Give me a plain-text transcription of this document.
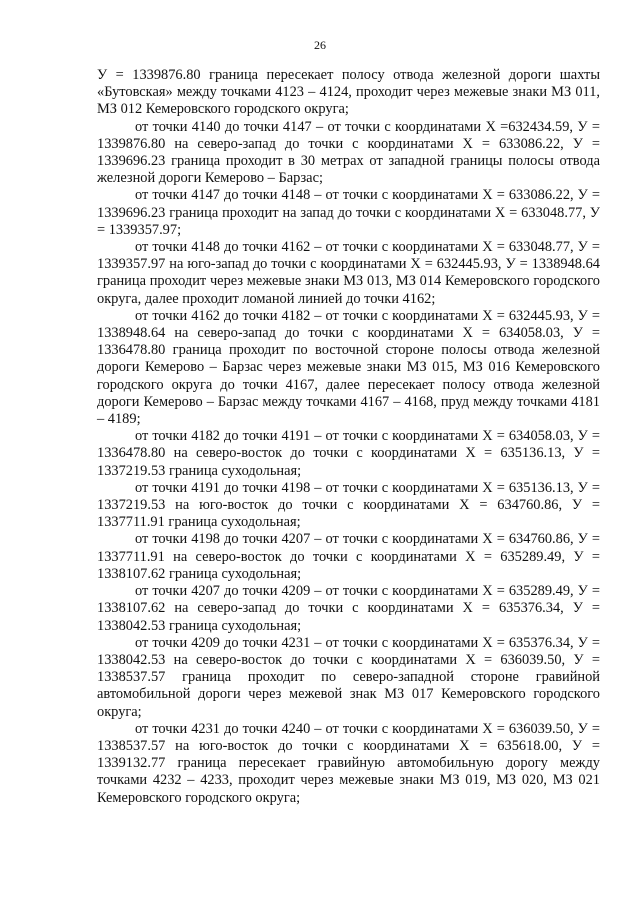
26

У = 1339876.80 граница пересекает полосу отвода железной дороги шахты «Бутовская» между точками 4123 – 4124, проходит через межевые знаки МЗ 011, МЗ 012 Кемеровского городского округа;

от точки 4140 до точки 4147 – от точки с координатами Х =632434.59, У = 1339876.80 на северо-запад до точки с координатами Х = 633086.22, У = 1339696.23 граница проходит в 30 метрах от западной границы полосы отвода железной дороги Кемерово – Барзас;

от точки 4147 до точки 4148 – от точки с координатами Х = 633086.22, У = 1339696.23 граница проходит на запад до точки с координатами Х = 633048.77, У = 1339357.97;

от точки 4148 до точки 4162 – от точки с координатами Х = 633048.77, У = 1339357.97 на юго-запад до точки с координатами Х = 632445.93, У = 1338948.64 граница проходит через межевые знаки МЗ 013, МЗ 014 Кемеровского городского округа, далее проходит ломаной линией до точки 4162;

от точки 4162 до точки 4182 – от точки с координатами Х = 632445.93, У = 1338948.64 на северо-запад до точки с координатами Х = 634058.03, У = 1336478.80 граница проходит по восточной стороне полосы отвода железной дороги Кемерово – Барзас через межевые знаки МЗ 015, МЗ 016 Кемеровского городского округа до точки 4167, далее пересекает полосу отвода железной дороги Кемерово – Барзас между точками 4167 – 4168, пруд между точками 4181 – 4189;

от точки 4182 до точки 4191 – от точки с координатами Х = 634058.03, У = 1336478.80 на северо-восток до точки с координатами Х = 635136.13, У = 1337219.53 граница суходольная;

от точки 4191 до точки 4198 – от точки с координатами Х = 635136.13, У = 1337219.53 на юго-восток до точки с координатами Х = 634760.86, У = 1337711.91 граница суходольная;

от точки 4198 до точки 4207 – от точки с координатами Х = 634760.86, У = 1337711.91 на северо-восток до точки с координатами Х = 635289.49, У = 1338107.62 граница суходольная;

от точки 4207 до точки 4209 – от точки с координатами Х = 635289.49, У = 1338107.62 на северо-запад до точки с координатами Х = 635376.34, У = 1338042.53 граница суходольная;

от точки 4209 до точки 4231 – от точки с координатами Х = 635376.34, У = 1338042.53 на северо-восток до точки с координатами Х = 636039.50, У = 1338537.57 граница проходит по северо-западной стороне гравийной автомобильной дороги через межевой знак МЗ 017 Кемеровского городского округа;

от точки 4231 до точки 4240 – от точки с координатами Х = 636039.50, У = 1338537.57 на юго-восток до точки с координатами Х = 635618.00, У = 1339132.77 граница пересекает гравийную автомобильную дорогу между точками 4232 – 4233, проходит через межевые знаки МЗ 019, МЗ 020, МЗ 021 Кемеровского городского округа;
